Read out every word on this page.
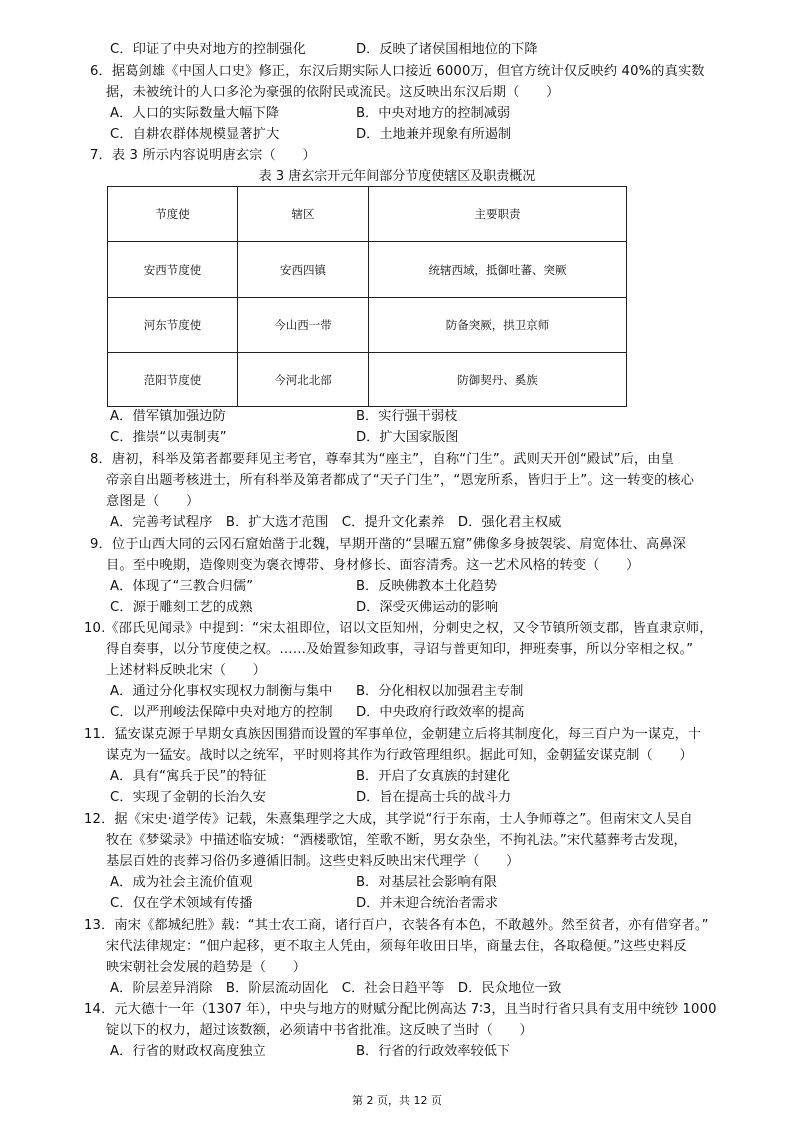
C．印证了中央对地方的控制强化	D．反映了诸侯国相地位的下降
6．据葛剑雄《中国人口史》修正，东汉后期实际人口接近 6000万，但官方统计仅反映约 40%的真实数
据，未被统计的人口多沦为豪强的依附民或流民。这反映出东汉后期（　　）
A．人口的实际数量大幅下降	B．中央对地方的控制减弱
C．自耕农群体规模显著扩大	D．土地兼并现象有所遏制
7．表 3 所示内容说明唐玄宗（　　）
表 3 唐玄宗开元年间部分节度使辖区及职责概况
节度使	辖区	主要职责
安西节度使	安西四镇	统辖西域，抵御吐蕃、突厥
河东节度使	今山西一带	防备突厥，拱卫京师
范阳节度使	今河北北部	防御契丹、奚族
A．借军镇加强边防	B．实行强干弱枝
C．推崇“以夷制夷”	D．扩大国家版图
8．唐初，科举及第者都要拜见主考官，尊奉其为“座主”，自称“门生”。武则天开创“殿试”后，由皇
帝亲自出题考核进士，所有科举及第者都成了“天子门生”，“恩宠所系，皆归于上”。这一转变的核心
意图是（　　）
A．完善考试程序　B．扩大选才范围　C．提升文化素养　D．强化君主权威
9．位于山西大同的云冈石窟始凿于北魏，早期开凿的“昙曜五窟”佛像多身披袈裟、肩宽体壮、高鼻深
目。至中晚期，造像则变为褒衣博带、身材修长、面容清秀。这一艺术风格的转变（　　）
A．体现了“三教合归儒”	B．反映佛教本土化趋势
C．源于雕刻工艺的成熟	D．深受灭佛运动的影响
10.《邵氏见闻录》中提到：“宋太祖即位，诏以文臣知州，分刺史之权，又令节镇所领支郡，皆直隶京师，
得自奏事，以分节度使之权。……及始置参知政事，寻诏与普更知印，押班奏事，所以分宰相之权。”
上述材料反映北宋（　　）
A．通过分化事权实现权力制衡与集中 B．分化相权以加强君主专制
C．以严刑峻法保障中央对地方的控制 D．中央政府行政效率的提高
11．猛安谋克源于早期女真族因围猎而设置的军事单位，金朝建立后将其制度化，每三百户为一谋克，十
谋克为一猛安。战时以之统军，平时则将其作为行政管理组织。据此可知，金朝猛安谋克制（　　）
A．具有“寓兵于民”的特征	B．开启了女真族的封建化
C．实现了金朝的长治久安	D．旨在提高士兵的战斗力
12．据《宋史·道学传》记载，朱熹集理学之大成，其学说“行于东南，士人争师尊之”。但南宋文人吴自
牧在《梦粱录》中描述临安城：“酒楼歌馆，笙歌不断，男女杂坐，不拘礼法。”宋代墓葬考古发现，
基层百姓的丧葬习俗仍多遵循旧制。这些史料反映出宋代理学（　　）
A．成为社会主流价值观	B．对基层社会影响有限
C．仅在学术领域有传播	D．并未迎合统治者需求
13．南宋《都城纪胜》载：“其士农工商，诸行百户，衣装各有本色，不敢越外。然至贫者，亦有借穿者。”
宋代法律规定：“佃户起移，更不取主人凭由，须每年收田日毕，商量去住，各取稳便。”这些史料反
映宋朝社会发展的趋势是（　　）
A．阶层差异消除　B．阶层流动固化　C．社会日趋平等　D．民众地位一致
14．元大德十一年（1307 年），中央与地方的财赋分配比例高达 7∶3，且当时行省只具有支用中统钞 1000
锭以下的权力，超过该数额，必须请中书省批准。这反映了当时（　　）
A．行省的财政权高度独立	B．行省的行政效率较低下
第 2 页，共 12 页
